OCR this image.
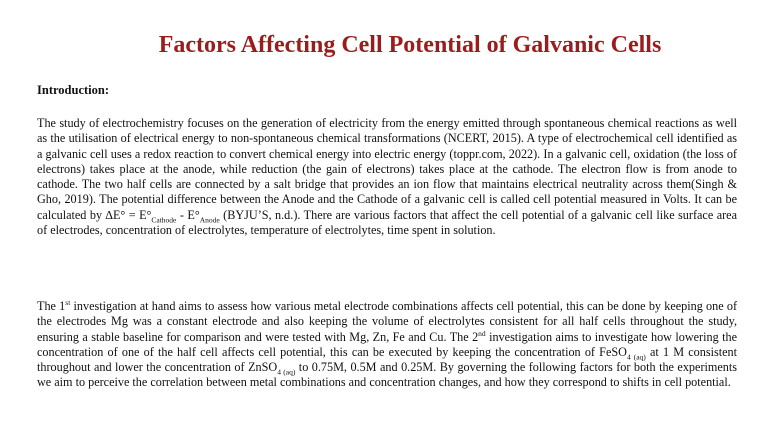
Factors Affecting Cell Potential of Galvanic Cells
Introduction:

The study of electrochemistry focuses on the generation of electricity from the energy emitted through spontaneous chemical reactions as well as the utilisation of electrical energy to non-spontaneous chemical transformations (NCERT, 2015). A type of electrochemical cell identified as a galvanic cell uses a redox reaction to convert chemical energy into electric energy (toppr.com, 2022). In a galvanic cell, oxidation (the loss of electrons) takes place at the anode, while reduction (the gain of electrons) takes place at the cathode. The electron flow is from anode to cathode. The two half cells are connected by a salt bridge that provides an ion flow that maintains electrical neutrality across them(Singh & Gho, 2019). The potential difference between the Anode and the Cathode of a galvanic cell is called cell potential measured in Volts. It can be calculated by $\Delta E^\circ = E^\circ_{Cathode} - E^\circ_{Anode}$ (BYJU’S, n.d.). There are various factors that affect the cell potential of a galvanic cell like surface area of electrodes, concentration of electrolytes, temperature of electrolytes, time spent in solution.

The 1st investigation at hand aims to assess how various metal electrode combinations affects cell potential, this can be done by keeping one of the electrodes Mg was a constant electrode and also keeping the volume of electrolytes consistent for all half cells throughout the study, ensuring a stable baseline for comparison and were tested with Mg, Zn, Fe and Cu. The 2nd investigation aims to investigate how lowering the concentration of one of the half cell affects cell potential, this can be executed by keeping the concentration of FeSO$_{4 (aq)}$ at 1 M consistent throughout and lower the concentration of ZnSO$_{4 (aq)}$ to 0.75M, 0.5M and 0.25M. By governing the following factors for both the experiments we aim to perceive the correlation between metal combinations and concentration changes, and how they correspond to shifts in cell potential.
